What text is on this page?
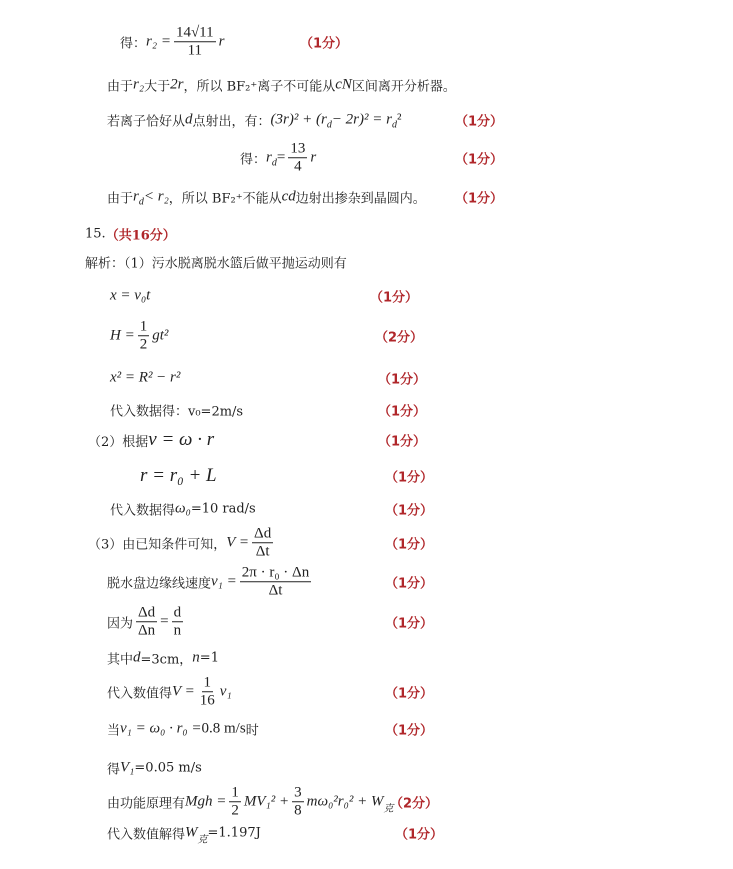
得： $r_2 = \frac{14√11}{11}$ r	（1分）
由于 r₂ 大于 2r ，所以 BF₂⁺离子不可能从 cN 区间离开分析器。
若离子恰好从 d 点射出，有： (3r)² + (r d − 2r)² = r d ²	（1分）
得： r $d = \frac{13}{4}$ r	（1分）
由于 r d < r₂ ，所以 BF₂⁺不能从 cd 边射出掺杂到晶圆内。 （1分）
15. （共16分）
解析：（1）污水脱离脱水篮后做平抛运动则有
x = v₀t	（1分）
$H = \frac{1}{2} gt^2$	（2分）
x² = R² − r²	（1分）
代入数据得：v₀=2m/s	（1分）
（2）根据 v = ω · r	（1分）
r = r₀ + L	（1分）
代入数据得 ω₀ =10 rad/s	（1分）
（3）由已知条件可知， $V = \frac{\Delta d}{\Delta t}$	（1分）
脱水盘边缘线速度 $v_1 = \frac{\text{2π · r₀ · Δn}}{\Delta t}$	（1分）
因为 $\frac{\Delta d}{\Delta n} = \frac{d}{n}$	（1分）
其中 d =3cm， n =1
代入数值得 $V = \frac{1}{16} v_1$	（1分）
当 v₁ = ω₀ · r₀ = 0.8 m/s 时	（1分）
得 V₁ =0.05 m/s
由功能原理有 Mgh = $\frac{1}{2} MV_1^2 + \frac{3}{8} m\omega_0^2r_0^2 + W$ 克
（2分）
代入数值解得 W 克 =1.197J	（1分）
